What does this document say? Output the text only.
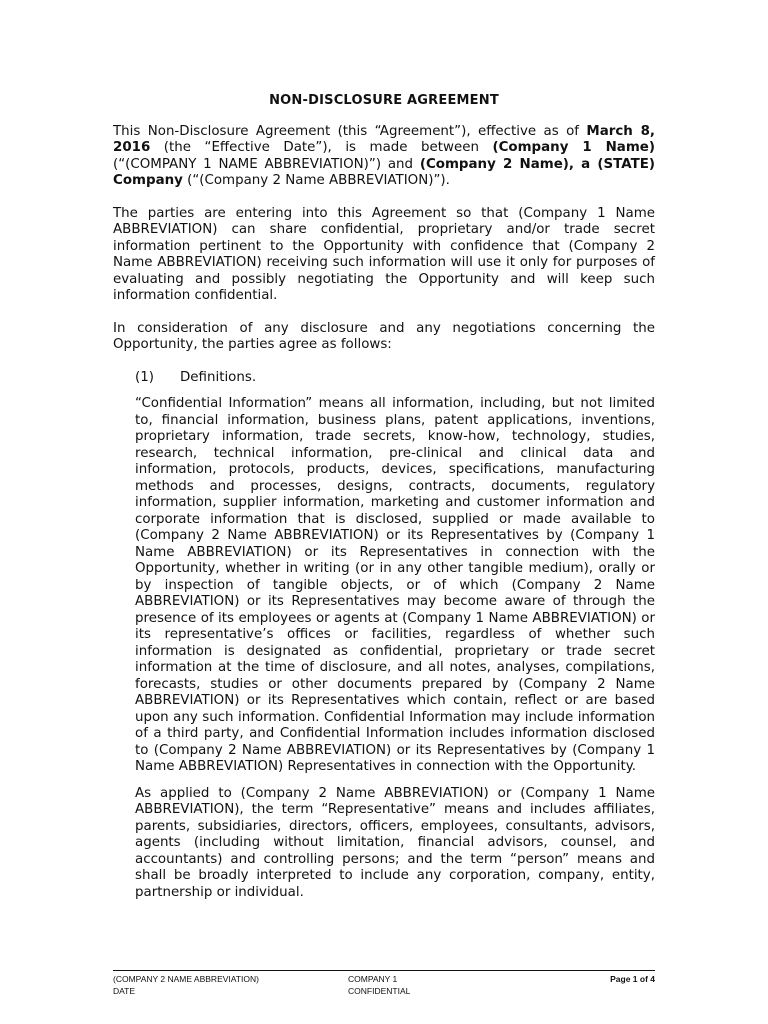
NON-DISCLOSURE AGREEMENT

This Non-Disclosure Agreement (this “Agreement”), effective as of March 8, 2016 (the “Effective Date”), is made between (Company 1 Name) (“(COMPANY 1 NAME ABBREVIATION)”) and (Company 2 Name), a (STATE) Company (“(Company 2 Name ABBREVIATION)”).

The parties are entering into this Agreement so that (Company 1 Name ABBREVIATION) can share confidential, proprietary and/or trade secret information pertinent to the Opportunity with confidence that (Company 2 Name ABBREVIATION) receiving such information will use it only for purposes of evaluating and possibly negotiating the Opportunity and will keep such information confidential.

In consideration of any disclosure and any negotiations concerning the Opportunity, the parties agree as follows:

(1) Definitions.

“Confidential Information” means all information, including, but not limited to, financial information, business plans, patent applications, inventions, proprietary information, trade secrets, know-how, technology, studies, research, technical information, pre-clinical and clinical data and information, protocols, products, devices, specifications, manufacturing methods and processes, designs, contracts, documents, regulatory information, supplier information, marketing and customer information and corporate information that is disclosed, supplied or made available to (Company 2 Name ABBREVIATION) or its Representatives by (Company 1 Name ABBREVIATION) or its Representatives in connection with the Opportunity, whether in writing (or in any other tangible medium), orally or by inspection of tangible objects, or of which (Company 2 Name ABBREVIATION) or its Representatives may become aware of through the presence of its employees or agents at (Company 1 Name ABBREVIATION) or its representative’s offices or facilities, regardless of whether such information is designated as confidential, proprietary or trade secret information at the time of disclosure, and all notes, analyses, compilations, forecasts, studies or other documents prepared by (Company 2 Name ABBREVIATION) or its Representatives which contain, reflect or are based upon any such information. Confidential Information may include information of a third party, and Confidential Information includes information disclosed to (Company 2 Name ABBREVIATION) or its Representatives by (Company 1 Name ABBREVIATION) Representatives in connection with the Opportunity.

As applied to (Company 2 Name ABBREVIATION) or (Company 1 Name ABBREVIATION), the term “Representative” means and includes affiliates, parents, subsidiaries, directors, officers, employees, consultants, advisors, agents (including without limitation, financial advisors, counsel, and accountants) and controlling persons; and the term “person” means and shall be broadly interpreted to include any corporation, company, entity, partnership or individual.

(COMPANY 2 NAME ABBREVIATION)	COMPANY 1	Page 1 of 4
DATE	CONFIDENTIAL
